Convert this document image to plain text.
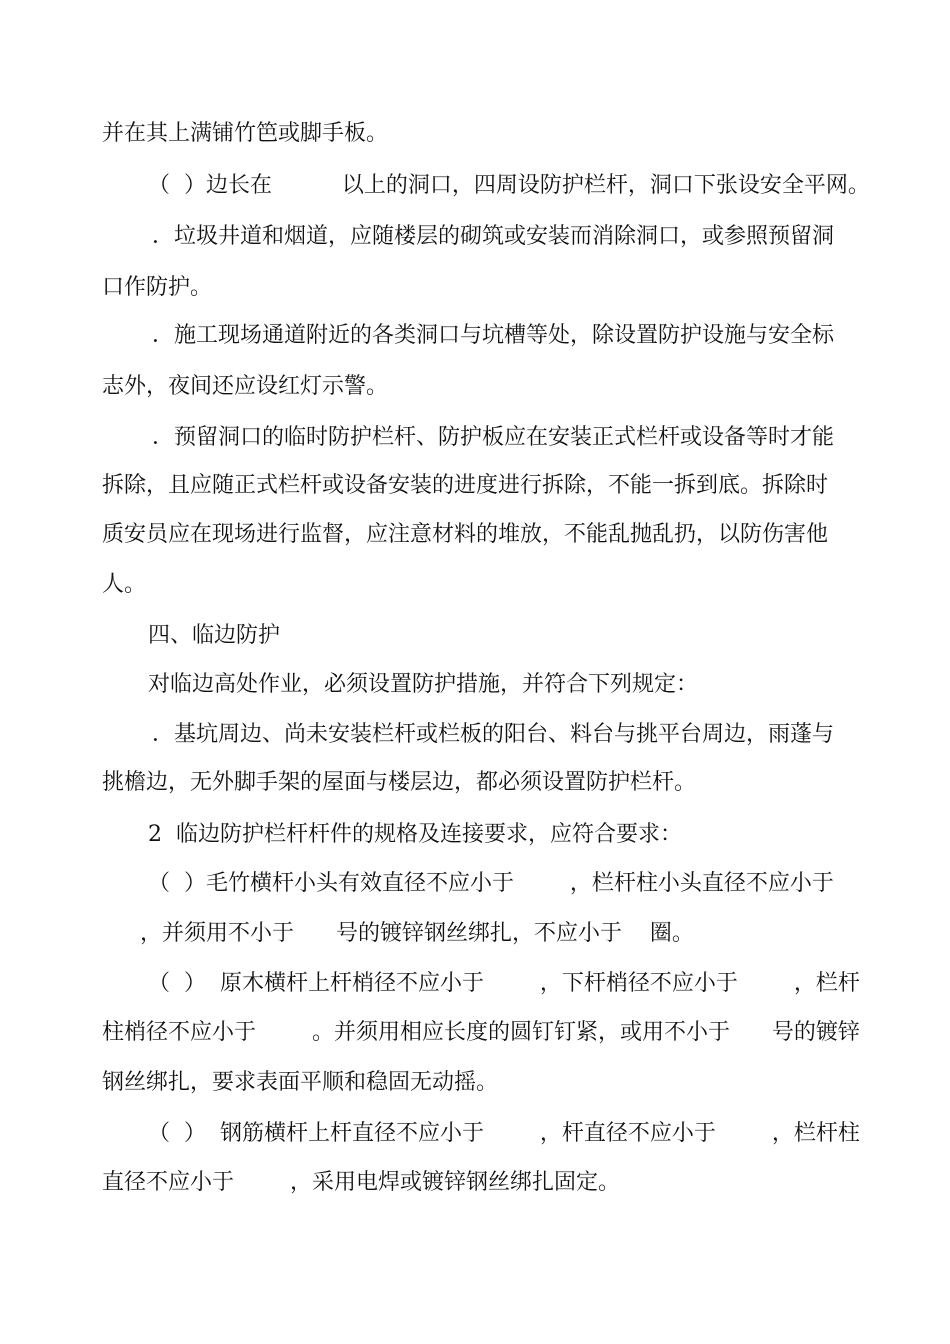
并在其上满铺竹笆或脚手板。
（  ）边长在          以上的洞口，四周设防护栏杆，洞口下张设安全平网。
．垃圾井道和烟道，应随楼层的砌筑或安装而消除洞口，或参照预留洞
口作防护。
．施工现场通道附近的各类洞口与坑槽等处，除设置防护设施与安全标
志外，夜间还应设红灯示警。
．预留洞口的临时防护栏杆、防护板应在安装正式栏杆或设备等时才能
拆除，且应随正式栏杆或设备安装的进度进行拆除，不能一拆到底。拆除时
质安员应在现场进行监督，应注意材料的堆放，不能乱抛乱扔，以防伤害他
人。
四、临边防护
对临边高处作业，必须设置防护措施，并符合下列规定：
．基坑周边、尚未安装栏杆或栏板的阳台、料台与挑平台周边，雨蓬与
挑檐边，无外脚手架的屋面与楼层边，都必须设置防护栏杆。
2  临边防护栏杆杆件的规格及连接要求，应符合要求：
（  ）毛竹横杆小头有效直径不应小于        ，栏杆柱小头直径不应小于
，并须用不小于      号的镀锌钢丝绑扎，不应小于    圈。
（  ）  原木横杆上杆梢径不应小于        ，下杆梢径不应小于        ，栏杆
柱梢径不应小于        。并须用相应长度的圆钉钉紧，或用不小于      号的镀锌
钢丝绑扎，要求表面平顺和稳固无动摇。
（  ）  钢筋横杆上杆直径不应小于        ，杆直径不应小于        ，栏杆柱
直径不应小于        ，采用电焊或镀锌钢丝绑扎固定。
